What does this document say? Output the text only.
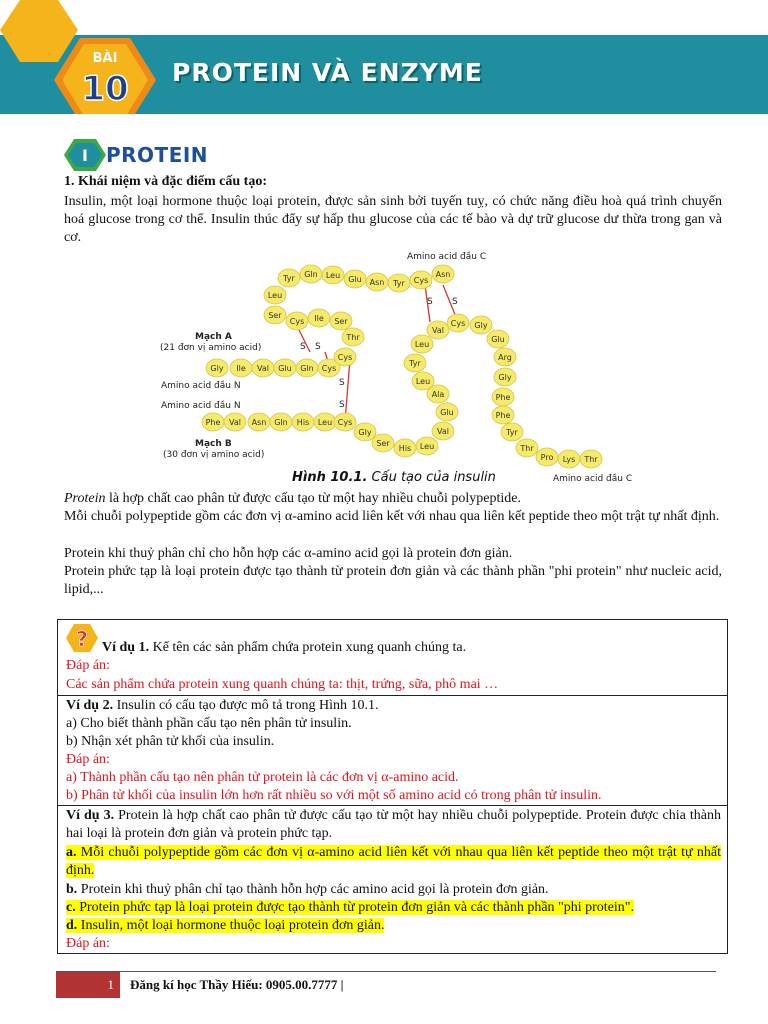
BÀI
10 PROTEIN VÀ ENZYME
I PROTEIN
1. Khái niệm và đặc điểm cấu tạo:
Insulin, một loại hormone thuộc loại protein, được sản sinh bởi tuyến tuỵ, có chức năng điều hoà quá trình chuyển hoá glucose trong cơ thể. Insulin thúc đẩy sự hấp thu glucose của các tế bào và dự trữ glucose dư thừa trong gan và cơ.
S S
S S
S
S
Gly Ile Val Glu Gln Cys
Cys
Thr
Ser
Ile
Cys
Ser
Leu
Tyr Gln Leu Glu Asn Tyr Cys
Asn
Phe Val Asn Gln His Leu Cys
Gly
Ser
His Leu
Val
Glu
Ala
Leu
Tyr
Leu
Val
Cys Gly
Glu
Arg
Gly
Phe
Phe
Tyr
Thr
Pro Lys Thr
Mạch A
(21 đơn vị amino acid)
Amino acid đầu N
Amino acid đầu N
Mạch B
(30 đơn vị amino acid)
Amino acid đầu C
Amino acid đầu C
Hình 10.1. Cấu tạo của insulin
Protein là hợp chất cao phân tử được cấu tạo từ một hay nhiều chuỗi polypeptide.
Mỗi chuỗi polypeptide gồm các đơn vị α-amino acid liên kết với nhau qua liên kết peptide theo một trật tự nhất định.
Protein khi thuỷ phân chỉ cho hỗn hợp các α-amino acid gọi là protein đơn giản.
Protein phức tạp là loại protein được tạo thành từ protein đơn giản và các thành phần "phi protein" như nucleic acid, lipid,...
? Ví dụ 1. Kể tên các sản phẩm chứa protein xung quanh chúng ta.
Đáp án:
Các sản phẩm chứa protein xung quanh chúng ta: thịt, trứng, sữa, phô mai …
Ví dụ 2. Insulin có cấu tạo được mô tả trong Hình 10.1.
a) Cho biết thành phần cấu tạo nên phân tử insulin.
b) Nhận xét phân tử khối của insulin.
Đáp án:
a) Thành phần cấu tạo nên phân tử protein là các đơn vị α-amino acid.
b) Phân tử khối của insulin lớn hơn rất nhiều so với một số amino acid có trong phân tử insulin.
Ví dụ 3. Protein là hợp chất cao phân tử được cấu tạo từ một hay nhiều chuỗi polypeptide. Protein được chia thành hai loại là protein đơn giản và protein phức tạp.
a. Mỗi chuỗi polypeptide gồm các đơn vị α-amino acid liên kết với nhau qua liên kết peptide theo một trật tự nhất định.
b. Protein khi thuỷ phân chỉ tạo thành hỗn hợp các amino acid gọi là protein đơn giản.
c. Protein phức tạp là loại protein được tạo thành từ protein đơn giản và các thành phần "phi protein".
d. Insulin, một loại hormone thuộc loại protein đơn giản.
Đáp án:
1	Đăng kí học Thầy Hiếu: 0905.00.7777 |
